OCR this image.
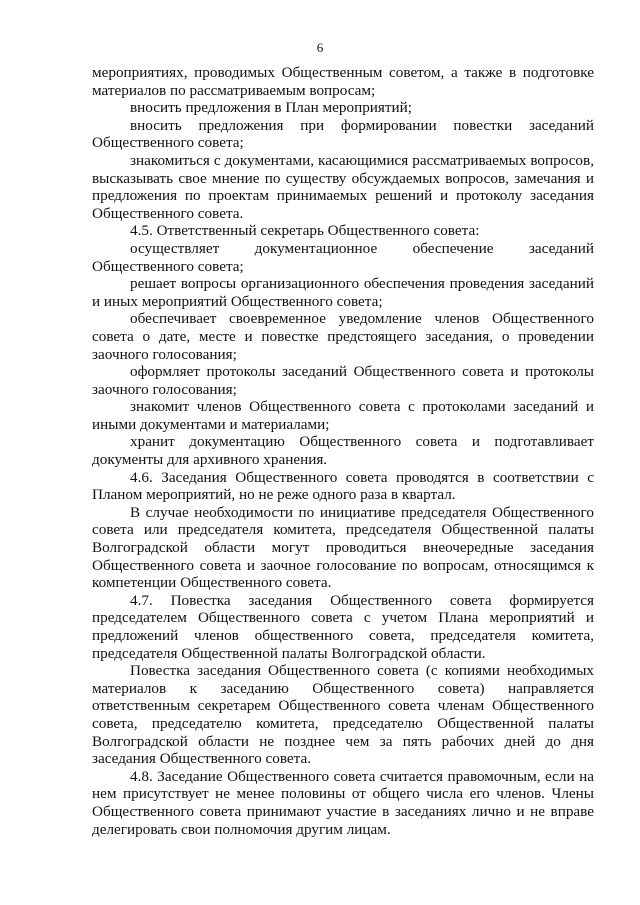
6

мероприятиях, проводимых Общественным советом, а также в подготовке материалов по рассматриваемым вопросам;

вносить предложения в План мероприятий;

вносить предложения при формировании повестки заседаний Общественного совета;

знакомиться с документами, касающимися рассматриваемых вопросов, высказывать свое мнение по существу обсуждаемых вопросов, замечания и предложения по проектам принимаемых решений и протоколу заседания Общественного совета.

4.5. Ответственный секретарь Общественного совета:

осуществляет документационное обеспечение заседаний Общественного совета;

решает вопросы организационного обеспечения проведения заседаний и иных мероприятий Общественного совета;

обеспечивает своевременное уведомление членов Общественного совета о дате, месте и повестке предстоящего заседания, о проведении заочного голосования;

оформляет протоколы заседаний Общественного совета и протоколы заочного голосования;

знакомит членов Общественного совета с протоколами заседаний и иными документами и материалами;

хранит документацию Общественного совета и подготавливает документы для архивного хранения.

4.6. Заседания Общественного совета проводятся в соответствии с Планом мероприятий, но не реже одного раза в квартал.

В случае необходимости по инициативе председателя Общественного совета или председателя комитета, председателя Общественной палаты Волгоградской области могут проводиться внеочередные заседания Общественного совета и заочное голосование по вопросам, относящимся к компетенции Общественного совета.

4.7. Повестка заседания Общественного совета формируется председателем Общественного совета с учетом Плана мероприятий и предложений членов общественного совета, председателя комитета, председателя Общественной палаты Волгоградской области.

Повестка заседания Общественного совета (с копиями необходимых материалов к заседанию Общественного совета) направляется ответственным секретарем Общественного совета членам Общественного совета, председателю комитета, председателю Общественной палаты Волгоградской области не позднее чем за пять рабочих дней до дня заседания Общественного совета.

4.8. Заседание Общественного совета считается правомочным, если на нем присутствует не менее половины от общего числа его членов. Члены Общественного совета принимают участие в заседаниях лично и не вправе делегировать свои полномочия другим лицам.
